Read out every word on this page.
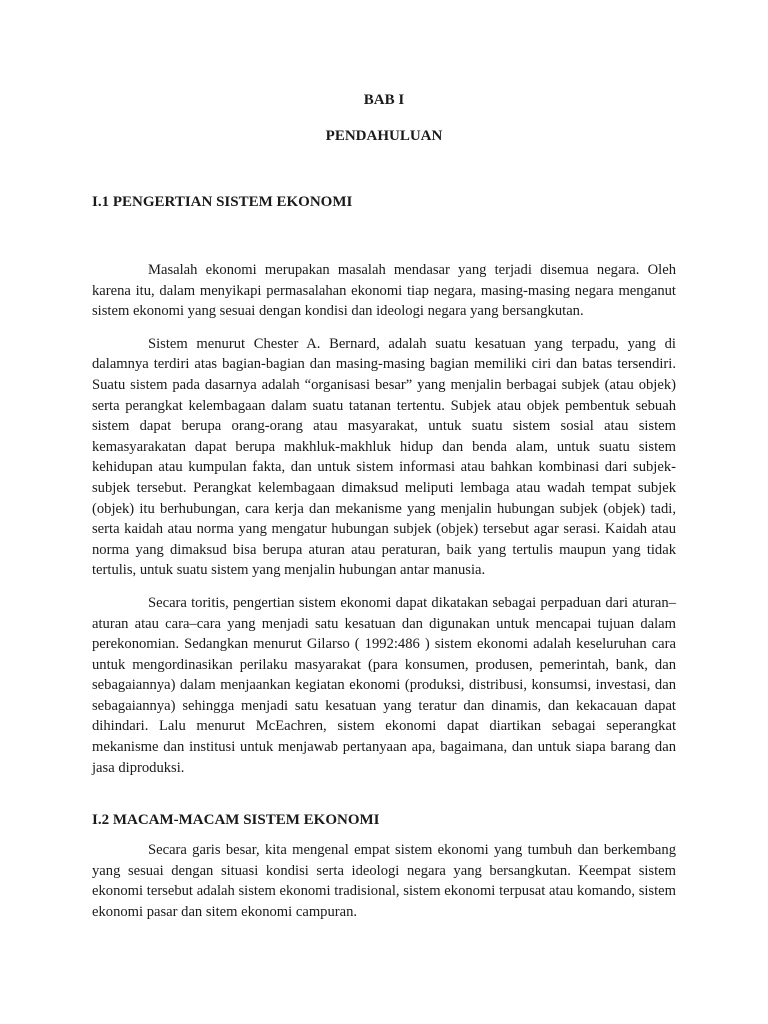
BAB I
PENDAHULUAN
I.1 PENGERTIAN SISTEM EKONOMI

Masalah ekonomi merupakan masalah mendasar yang terjadi disemua negara. Oleh karena itu, dalam menyikapi permasalahan ekonomi tiap negara, masing-masing negara menganut sistem ekonomi yang sesuai dengan kondisi dan ideologi negara yang bersangkutan.

Sistem menurut Chester A. Bernard, adalah suatu kesatuan yang terpadu, yang di dalamnya terdiri atas bagian-bagian dan masing-masing bagian memiliki ciri dan batas tersendiri. Suatu sistem pada dasarnya adalah “organisasi besar” yang menjalin berbagai subjek (atau objek) serta perangkat kelembagaan dalam suatu tatanan tertentu. Subjek atau objek pembentuk sebuah sistem dapat berupa orang-orang atau masyarakat, untuk suatu sistem sosial atau sistem kemasyarakatan dapat berupa makhluk-makhluk hidup dan benda alam, untuk suatu sistem kehidupan atau kumpulan fakta, dan untuk sistem informasi atau bahkan kombinasi dari subjek-subjek tersebut. Perangkat kelembagaan dimaksud meliputi lembaga atau wadah tempat subjek (objek) itu berhubungan, cara kerja dan mekanisme yang menjalin hubungan subjek (objek) tadi, serta kaidah atau norma yang mengatur hubungan subjek (objek) tersebut agar serasi. Kaidah atau norma yang dimaksud bisa berupa aturan atau peraturan, baik yang tertulis maupun yang tidak tertulis, untuk suatu sistem yang menjalin hubungan antar manusia.

Secara toritis, pengertian sistem ekonomi dapat dikatakan sebagai perpaduan dari aturan–aturan atau cara–cara yang menjadi satu kesatuan dan digunakan untuk mencapai tujuan dalam perekonomian. Sedangkan menurut Gilarso ( 1992:486 ) sistem ekonomi adalah keseluruhan cara untuk mengordinasikan perilaku masyarakat (para konsumen, produsen, pemerintah, bank, dan sebagaiannya) dalam menjaankan kegiatan ekonomi (produksi, distribusi, konsumsi, investasi, dan sebagaiannya) sehingga menjadi satu kesatuan yang teratur dan dinamis, dan kekacauan dapat dihindari. Lalu menurut McEachren, sistem ekonomi dapat diartikan sebagai seperangkat mekanisme dan institusi untuk menjawab pertanyaan apa, bagaimana, dan untuk siapa barang dan jasa diproduksi.

I.2 MACAM-MACAM SISTEM EKONOMI

Secara garis besar, kita mengenal empat sistem ekonomi yang tumbuh dan berkembang yang sesuai dengan situasi kondisi serta ideologi negara yang bersangkutan. Keempat sistem ekonomi tersebut adalah sistem ekonomi tradisional, sistem ekonomi terpusat atau komando, sistem ekonomi pasar dan sitem ekonomi campuran.
